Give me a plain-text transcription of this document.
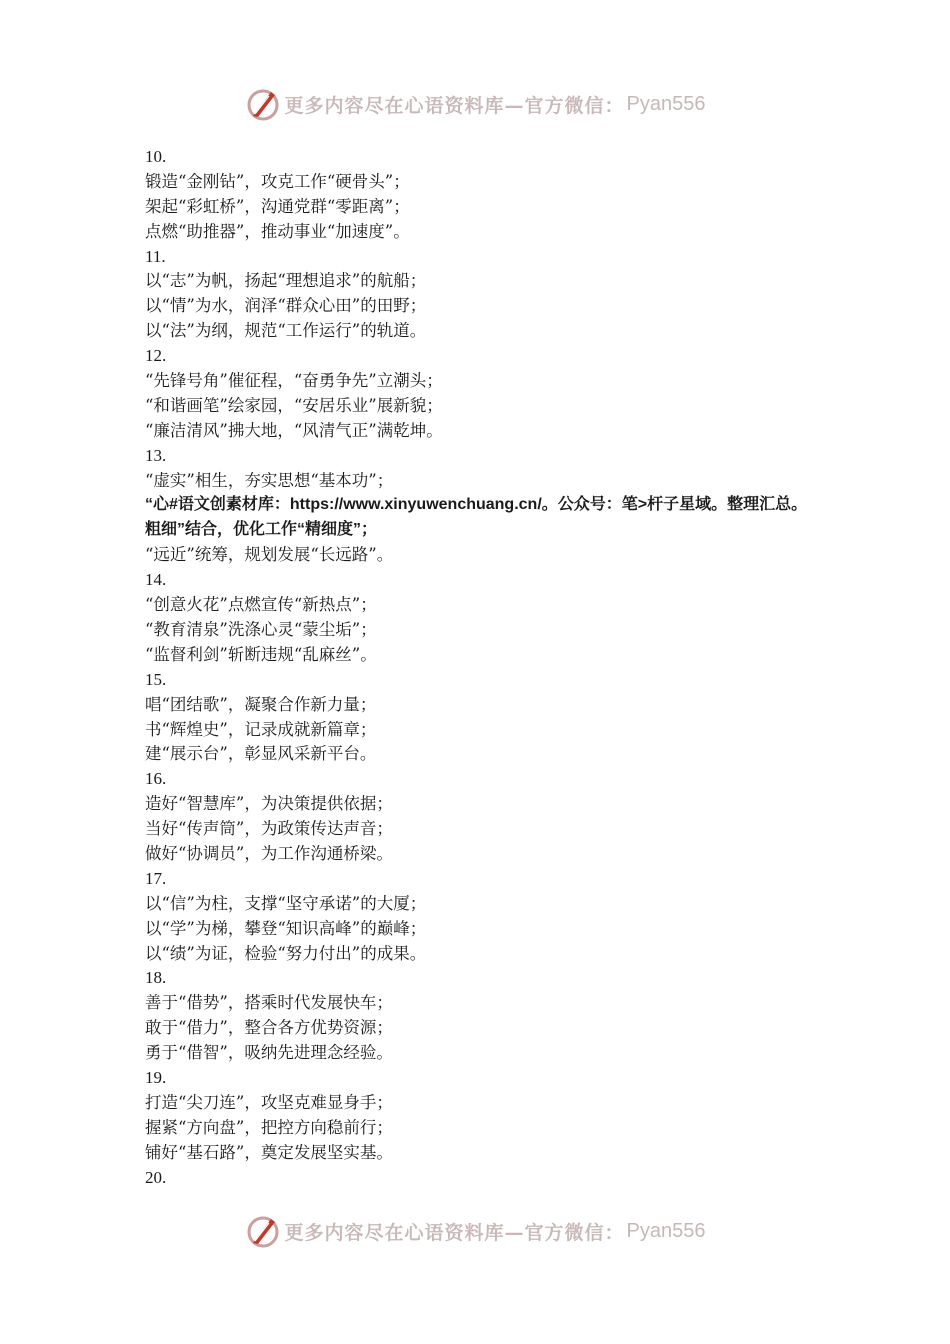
更多内容尽在心语资料库—官方微信： Pyan556
10.
锻造“金刚钻”，攻克工作“硬骨头”；
架起“彩虹桥”，沟通党群“零距离”；
点燃“助推器”，推动事业“加速度”。
11.
以“志”为帆，扬起“理想追求”的航船；
以“情”为水，润泽“群众心田”的田野；
以“法”为纲，规范“工作运行”的轨道。
12.
“先锋号角”催征程，“奋勇争先”立潮头；
“和谐画笔”绘家园，“安居乐业”展新貌；
“廉洁清风”拂大地，“风清气正”满乾坤。
13.
“虚实”相生，夯实思想“基本功”；
“心#语文创素材库：https://www.xinyuwenchuang.cn/。公众号：笔>杆子星域。整理汇总。粗细”结合，优化工作“精细度”；
“远近”统筹，规划发展“长远路”。
14.
“创意火花”点燃宣传“新热点”；
“教育清泉”洗涤心灵“蒙尘垢”；
“监督利剑”斩断违规“乱麻丝”。
15.
唱“团结歌”，凝聚合作新力量；
书“辉煌史”，记录成就新篇章；
建“展示台”，彰显风采新平台。
16.
造好“智慧库”，为决策提供依据；
当好“传声筒”，为政策传达声音；
做好“协调员”，为工作沟通桥梁。
17.
以“信”为柱，支撑“坚守承诺”的大厦；
以“学”为梯，攀登“知识高峰”的巅峰；
以“绩”为证，检验“努力付出”的成果。
18.
善于“借势”，搭乘时代发展快车；
敢于“借力”，整合各方优势资源；
勇于“借智”，吸纳先进理念经验。
19.
打造“尖刀连”，攻坚克难显身手；
握紧“方向盘”，把控方向稳前行；
铺好“基石路”，奠定发展坚实基。
20.
更多内容尽在心语资料库—官方微信： Pyan556
